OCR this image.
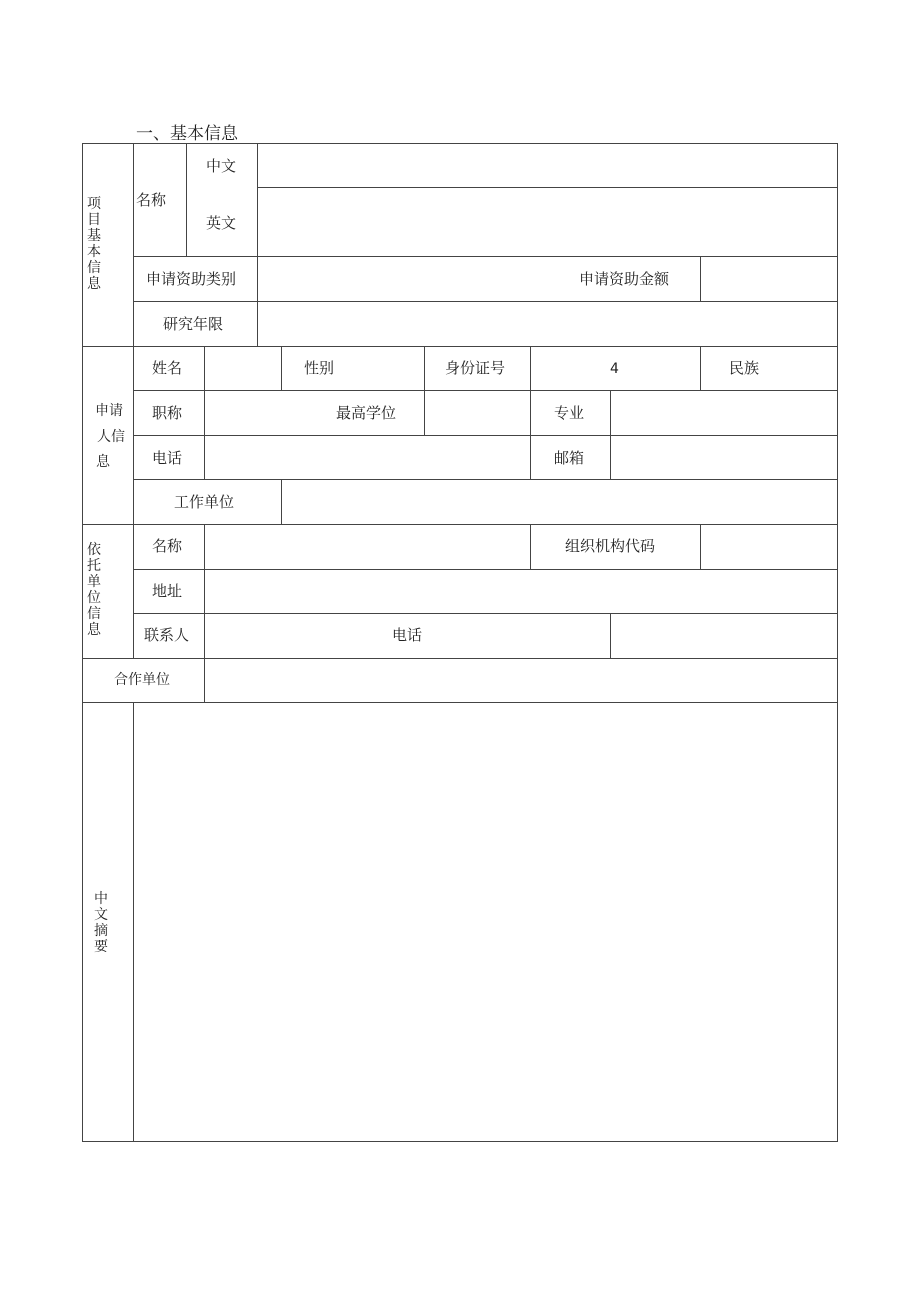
一、基本信息
项目基本信息
名称
中文
英文
申请资助类别	申请资助金额
研究年限
申请
人信
息
姓名	性别	身份证号	4	民族
职称	最高学位	专业
电话	邮箱
工作单位
依托单位信息
名称	组织机构代码
地址
联系人	电话
合作单位
中文摘要
